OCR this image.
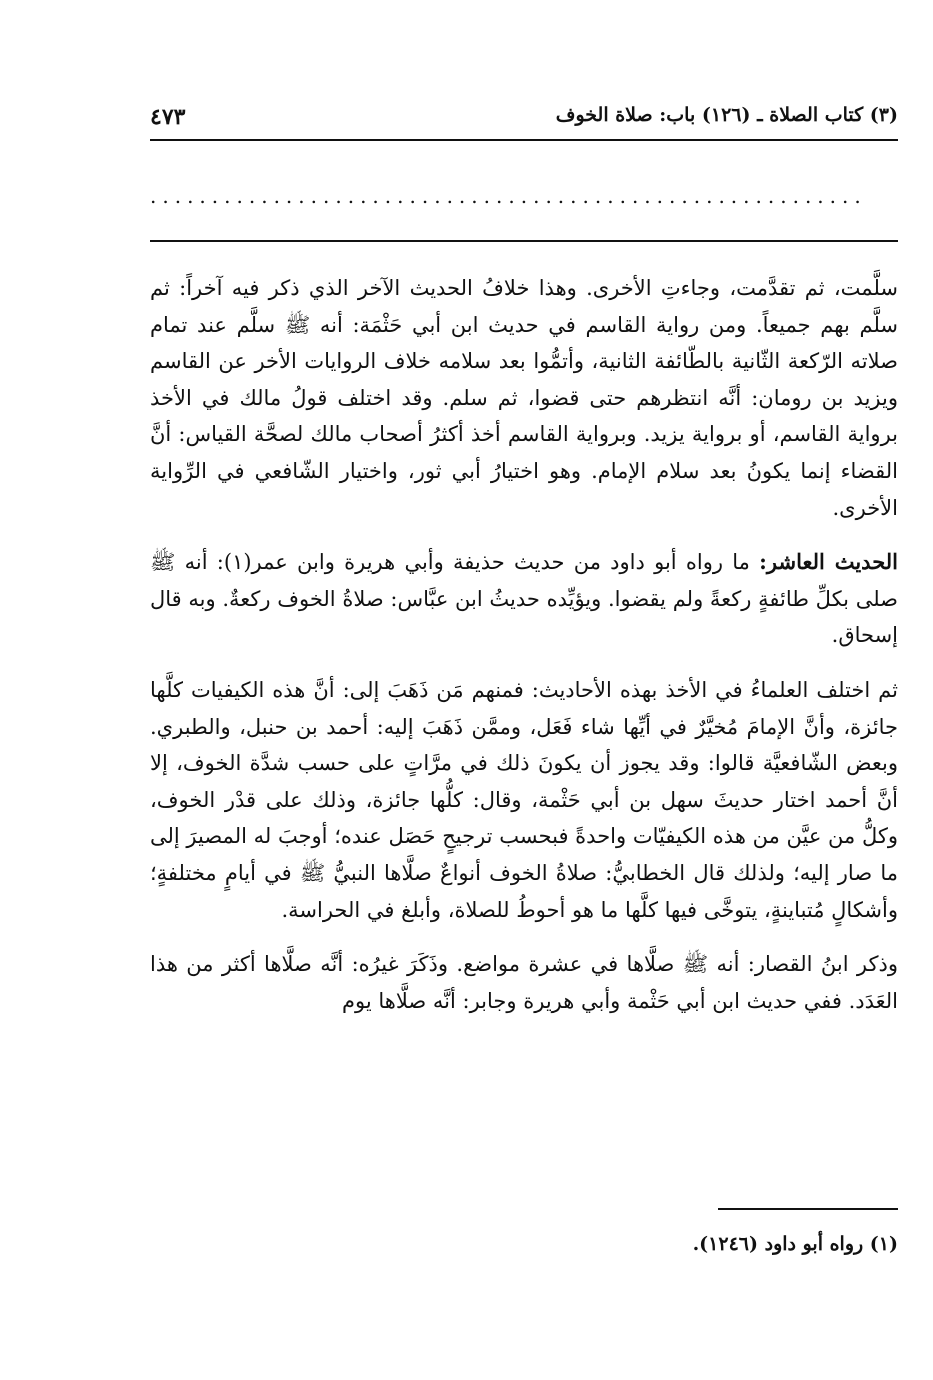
(٣) كتاب الصلاة ـ (١٢٦) باب: صلاة الخوف
٤٧٣
..........................................................

سلَّمت، ثم تقدَّمت، وجاءتِ الأخرى. وهذا خلافُ الحديث الآخر الذي ذكر فيه آخراً: ثم سلَّم بهم جميعاً. ومن رواية القاسم في حديث ابن أبي حَثْمَة: أنه ﷺ سلَّم عند تمام صلاته الرّكعة الثّانية بالطّائفة الثانية، وأتمُّوا بعد سلامه خلاف الروايات الأخر عن القاسم ويزيد بن رومان: أنَّه انتظرهم حتى قضوا، ثم سلم. وقد اختلف قولُ مالك في الأخذ برواية القاسم، أو برواية يزيد. وبرواية القاسم أخذ أكثرُ أصحاب مالك لصحَّة القياس: أنَّ القضاء إنما يكونُ بعد سلام الإمام. وهو اختيارُ أبي ثور، واختيار الشّافعي في الرِّواية الأخرى.

الحديث العاشر: ما رواه أبو داود من حديث حذيفة وأبي هريرة وابن عمر(١): أنه ﷺ صلى بكلِّ طائفةٍ ركعةً ولم يقضوا. ويؤيِّده حديثُ ابن عبَّاس: صلاةُ الخوف ركعةٌ. وبه قال إسحاق.

ثم اختلف العلماءُ في الأخذ بهذه الأحاديث: فمنهم مَن ذَهَبَ إلى: أنَّ هذه الكيفيات كلَّها جائزة، وأنَّ الإمامَ مُخيَّرٌ في أيِّها شاء فَعَل، وممَّن ذَهَبَ إليه: أحمد بن حنبل، والطبري. وبعض الشّافعيَّة قالوا: وقد يجوز أن يكونَ ذلك في مرَّاتٍ على حسب شدَّة الخوف، إلا أنَّ أحمد اختار حديثَ سهل بن أبي حَثْمة، وقال: كلُّها جائزة، وذلك على قدْر الخوف، وكلُّ من عيَّن من هذه الكيفيّات واحدةً فبحسب ترجيحٍ حَصَل عنده؛ أوجبَ له المصيرَ إلى ما صار إليه؛ ولذلك قال الخطابيُّ: صلاةُ الخوف أنواعٌ صلَّاها النبيُّ ﷺ في أيامٍ مختلفةٍ؛ وأشكالٍ مُتباينةٍ، يتوخَّى فيها كلَّها ما هو أحوطُ للصلاة، وأبلغ في الحراسة.

وذكر ابنُ القصار: أنه ﷺ صلَّاها في عشرة مواضع. وذَكَرَ غيرُه: أنَّه صلَّاها أكثر من هذا العَدَد. ففي حديث ابن أبي حَثْمة وأبي هريرة وجابر: أنَّه صلَّاها يوم

(١) رواه أبو داود (١٢٤٦).
